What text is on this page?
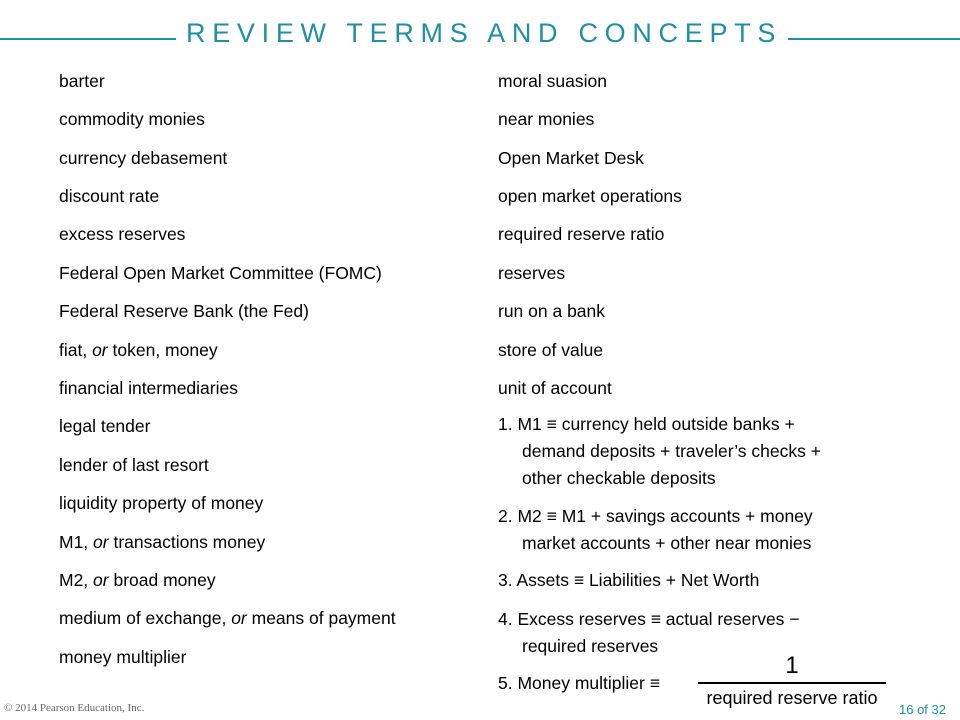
REVIEW TERMS AND CONCEPTS
barter
commodity monies
currency debasement
discount rate
excess reserves
Federal Open Market Committee (FOMC)
Federal Reserve Bank (the Fed)
fiat, or token, money
financial intermediaries
legal tender
lender of last resort
liquidity property of money
M1, or transactions money
M2, or broad money
medium of exchange, or means of payment
money multiplier
moral suasion
near monies
Open Market Desk
open market operations
required reserve ratio
reserves
run on a bank
store of value
unit of account
1. M1 ≡ currency held outside banks +
demand deposits + traveler’s checks +
other checkable deposits
2. M2 ≡ M1 + savings accounts + money
market accounts + other near monies
3. Assets ≡ Liabilities + Net Worth
4. Excess reserves ≡ actual reserves −
required reserves
5. Money multiplier ≡
1
required reserve ratio
© 2014 Pearson Education, Inc.	16 of 32
